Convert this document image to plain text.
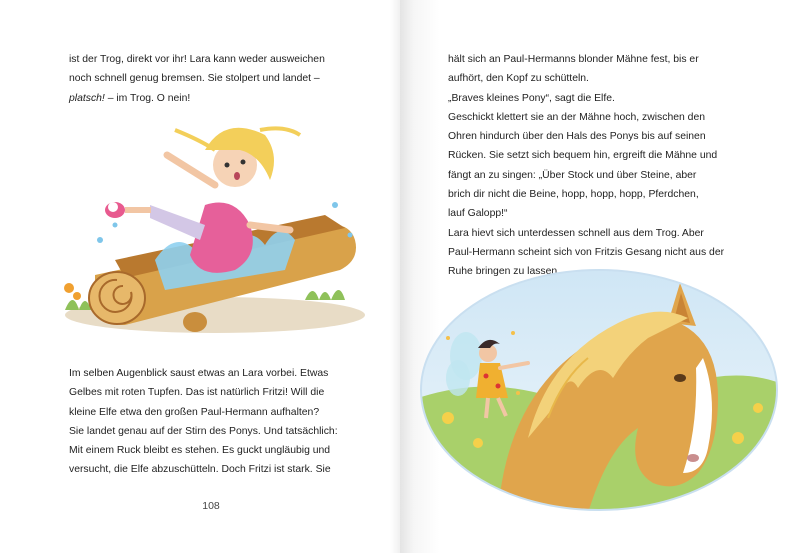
ist der Trog, direkt vor ihr! Lara kann weder ausweichen
noch schnell genug bremsen. Sie stolpert und landet –
platsch! – im Trog. O nein!

Im selben Augenblick saust etwas an Lara vorbei. Etwas
Gelbes mit roten Tupfen. Das ist natürlich Fritzi! Will die
kleine Elfe etwa den großen Paul-Hermann aufhalten?
Sie landet genau auf der Stirn des Ponys. Und tatsächlich:
Mit einem Ruck bleibt es stehen. Es guckt ungläubig und
versucht, die Elfe abzuschütteln. Doch Fritzi ist stark. Sie

108

hält sich an Paul-Hermanns blonder Mähne fest, bis er
aufhört, den Kopf zu schütteln.
„Braves kleines Pony“, sagt die Elfe.
Geschickt klettert sie an der Mähne hoch, zwischen den
Ohren hindurch über den Hals des Ponys bis auf seinen
Rücken. Sie setzt sich bequem hin, ergreift die Mähne und
fängt an zu singen: „Über Stock und über Steine, aber
brich dir nicht die Beine, hopp, hopp, hopp, Pferdchen,
lauf Galopp!“
Lara hievt sich unterdessen schnell aus dem Trog. Aber
Paul-Hermann scheint sich von Fritzis Gesang nicht aus der
Ruhe bringen zu lassen.
